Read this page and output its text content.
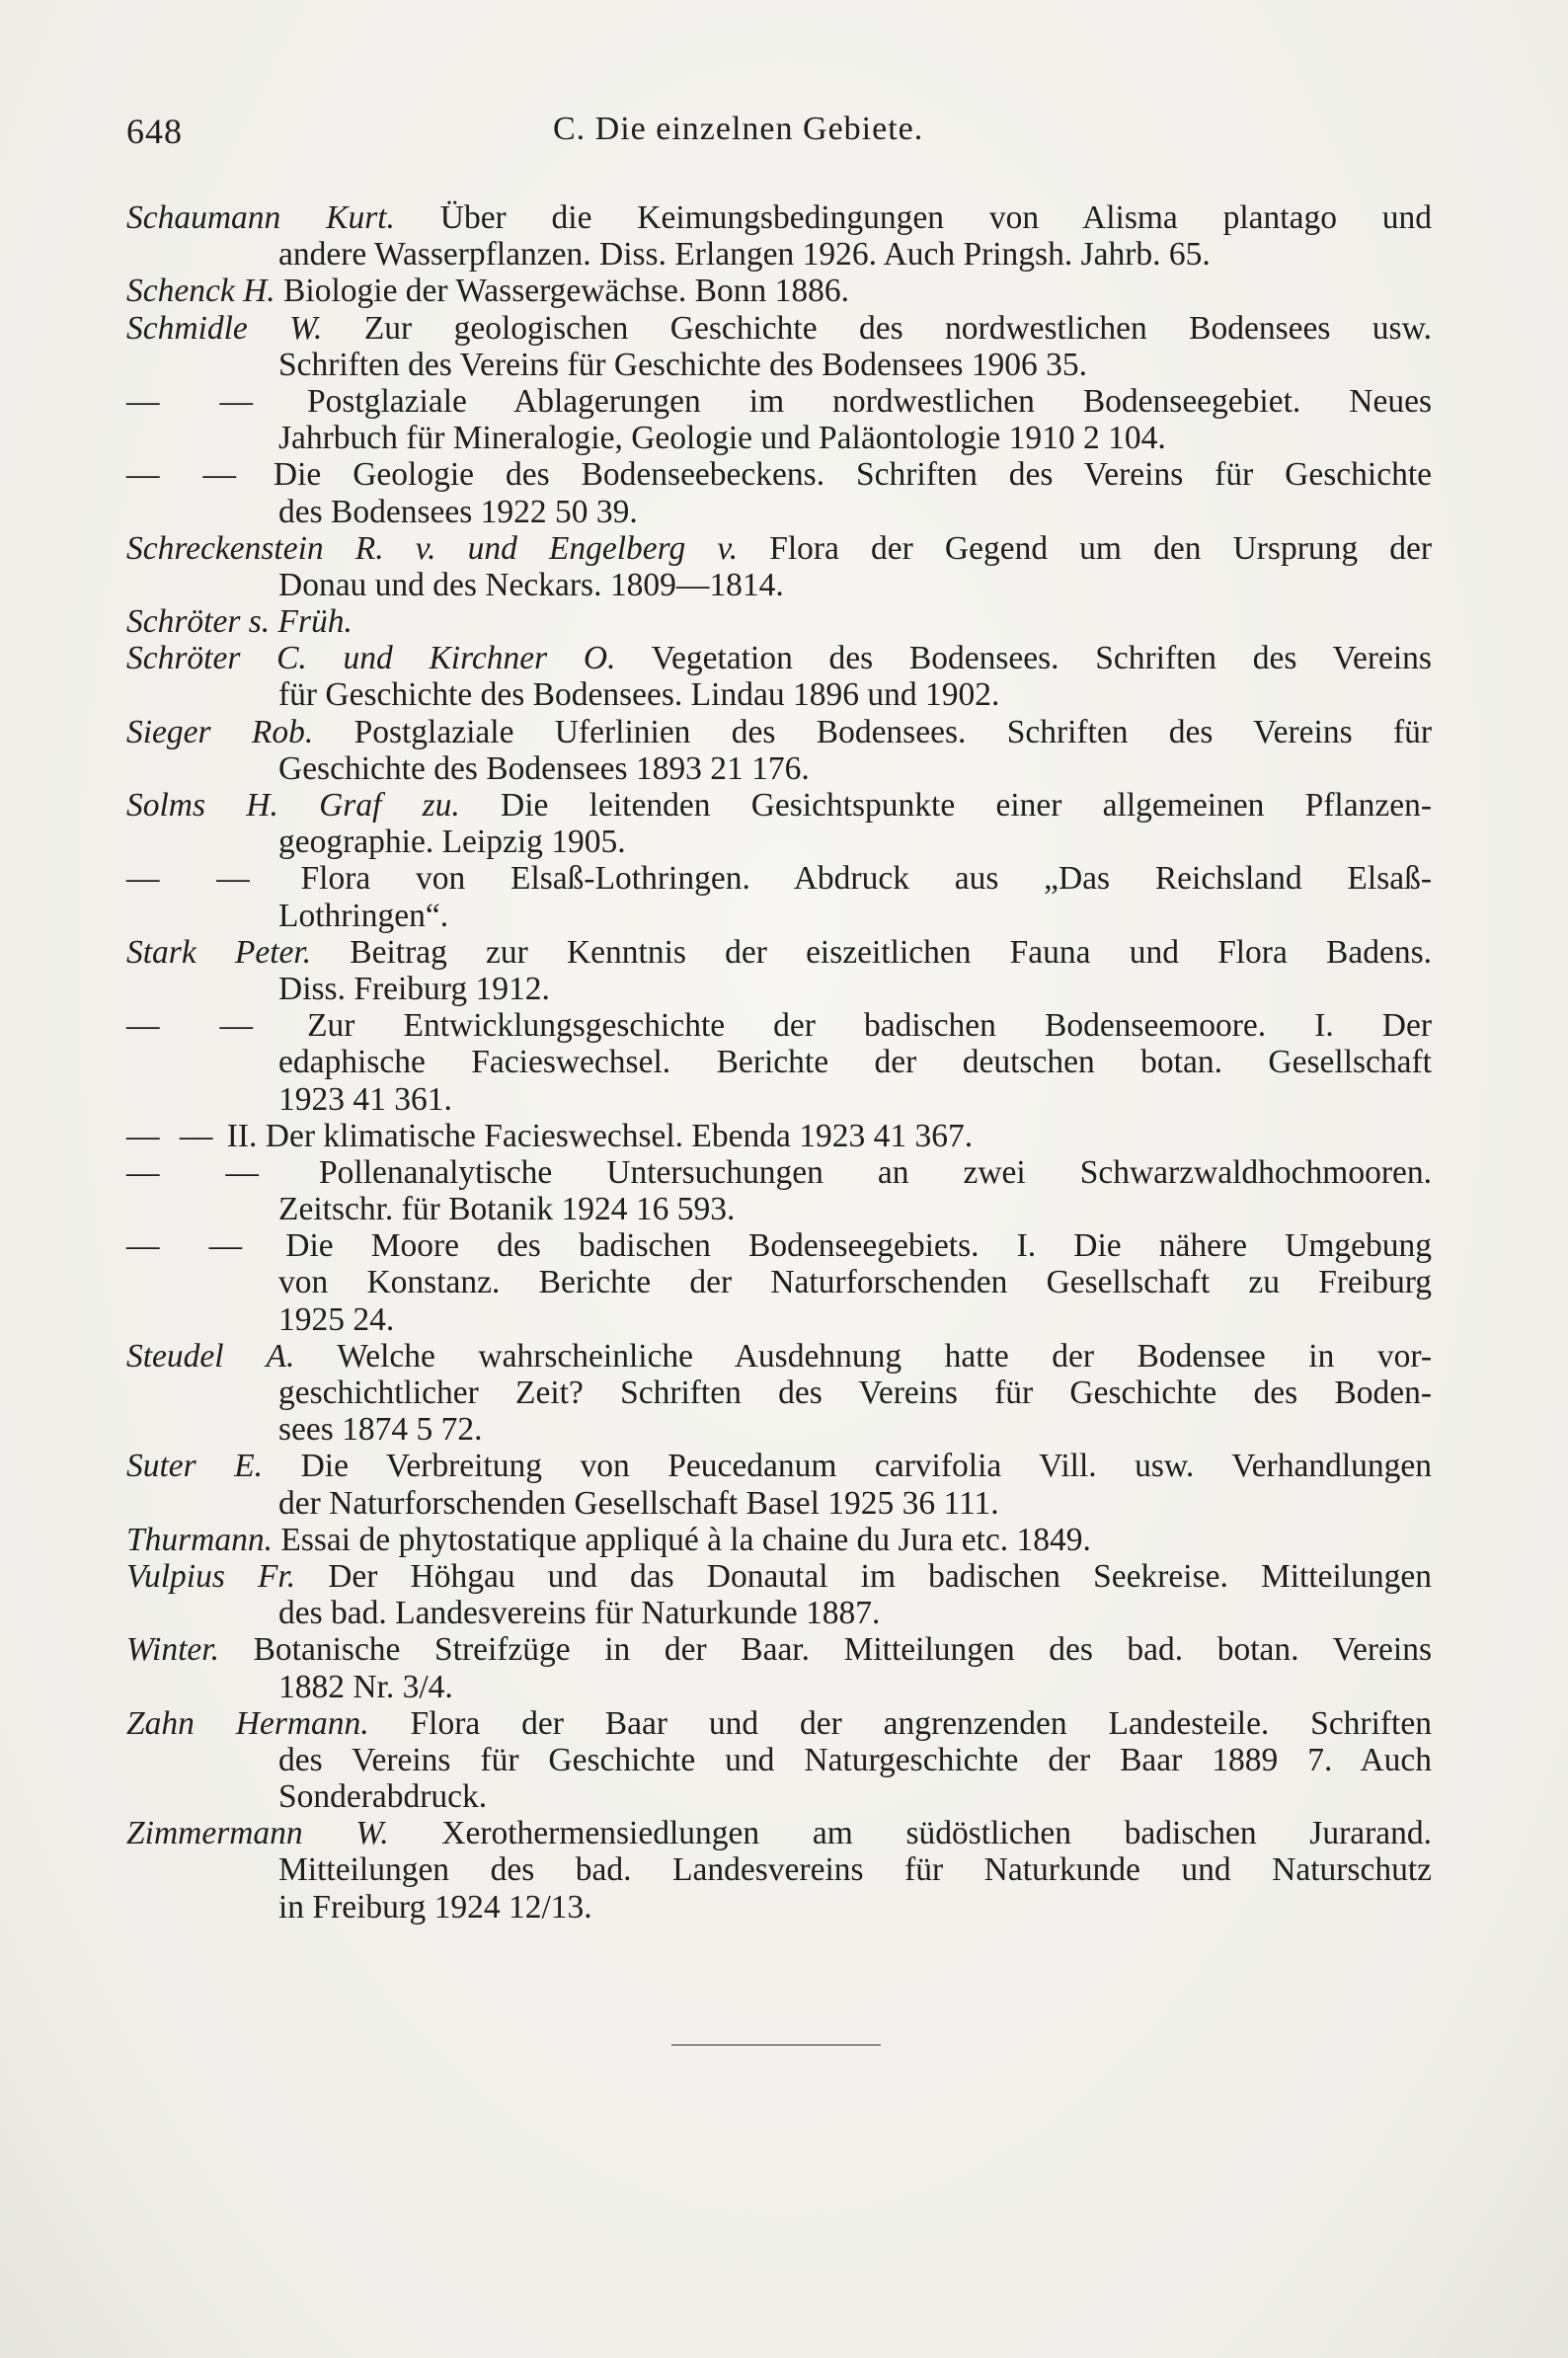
648	C. Die einzelnen Gebiete.
Schaumann Kurt. Über die Keimungsbedingungen von Alisma plantago und
andere Wasserpflanzen. Diss. Erlangen 1926. Auch Pringsh. Jahrb. 65.
Schenck H. Biologie der Wassergewächse. Bonn 1886.
Schmidle W. Zur geologischen Geschichte des nordwestlichen Bodensees usw.
Schriften des Vereins für Geschichte des Bodensees 1906 35.
— — Postglaziale Ablagerungen im nordwestlichen Bodenseegebiet. Neues
Jahrbuch für Mineralogie, Geologie und Paläontologie 1910 2 104.
— — Die Geologie des Bodenseebeckens. Schriften des Vereins für Geschichte
des Bodensees 1922 50 39.
Schreckenstein R. v. und Engelberg v. Flora der Gegend um den Ursprung der
Donau und des Neckars. 1809—1814.
Schröter s. Früh.
Schröter C. und Kirchner O. Vegetation des Bodensees. Schriften des Vereins
für Geschichte des Bodensees. Lindau 1896 und 1902.
Sieger Rob. Postglaziale Uferlinien des Bodensees. Schriften des Vereins für
Geschichte des Bodensees 1893 21 176.
Solms H. Graf zu. Die leitenden Gesichtspunkte einer allgemeinen Pflanzen-
geographie. Leipzig 1905.
— — Flora von Elsaß-Lothringen. Abdruck aus „Das Reichsland Elsaß-
Lothringen“.
Stark Peter. Beitrag zur Kenntnis der eiszeitlichen Fauna und Flora Badens.
Diss. Freiburg 1912.
— — Zur Entwicklungsgeschichte der badischen Bodenseemoore. I. Der
edaphische Facieswechsel. Berichte der deutschen botan. Gesellschaft
1923 41 361.
— — II. Der klimatische Facieswechsel. Ebenda 1923 41 367.
— — Pollenanalytische Untersuchungen an zwei Schwarzwaldhochmooren.
Zeitschr. für Botanik 1924 16 593.
— — Die Moore des badischen Bodenseegebiets. I. Die nähere Umgebung
von Konstanz. Berichte der Naturforschenden Gesellschaft zu Freiburg
1925 24.
Steudel A. Welche wahrscheinliche Ausdehnung hatte der Bodensee in vor-
geschichtlicher Zeit? Schriften des Vereins für Geschichte des Boden-
sees 1874 5 72.
Suter E. Die Verbreitung von Peucedanum carvifolia Vill. usw. Verhandlungen
der Naturforschenden Gesellschaft Basel 1925 36 111.
Thurmann. Essai de phytostatique appliqué à la chaine du Jura etc. 1849.
Vulpius Fr. Der Höhgau und das Donautal im badischen Seekreise. Mitteilungen
des bad. Landesvereins für Naturkunde 1887.
Winter. Botanische Streifzüge in der Baar. Mitteilungen des bad. botan. Vereins
1882 Nr. 3/4.
Zahn Hermann. Flora der Baar und der angrenzenden Landesteile. Schriften
des Vereins für Geschichte und Naturgeschichte der Baar 1889 7. Auch
Sonderabdruck.
Zimmermann W. Xerothermensiedlungen am südöstlichen badischen Jurarand.
Mitteilungen des bad. Landesvereins für Naturkunde und Naturschutz
in Freiburg 1924 12/13.
